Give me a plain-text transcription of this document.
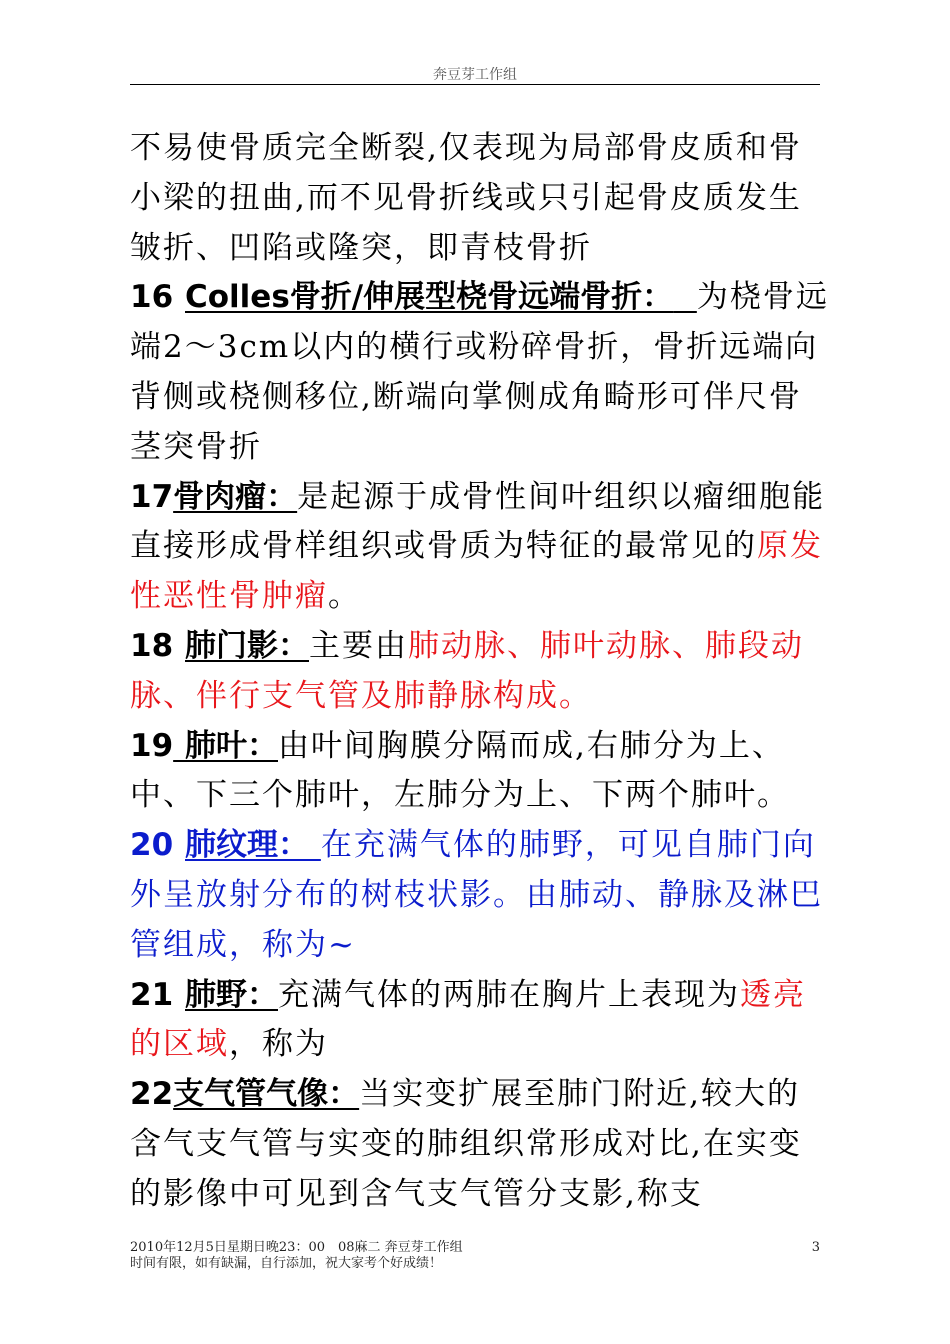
奔豆芽工作组

不易使骨质完全断裂,仅表现为局部骨皮质和骨小梁的扭曲,而不见骨折线或只引起骨皮质发生皱折、凹陷或隆突，即青枝骨折

16 Colles骨折/伸展型桡骨远端骨折： 为桡骨远端2～3cm以内的横行或粉碎骨折，骨折远端向背侧或桡侧移位,断端向掌侧成角畸形可伴尺骨茎突骨折

17骨肉瘤：是起源于成骨性间叶组织以瘤细胞能直接形成骨样组织或骨质为特征的最常见的原发性恶性骨肿瘤。

18 肺门影：主要由肺动脉、肺叶动脉、肺段动脉、伴行支气管及肺静脉构成。

19 肺叶：由叶间胸膜分隔而成,右肺分为上、中、下三个肺叶，左肺分为上、下两个肺叶。

20 肺纹理： 在充满气体的肺野，可见自肺门向外呈放射分布的树枝状影。由肺动、静脉及淋巴管组成，称为~

21 肺野：充满气体的两肺在胸片上表现为透亮的区域，称为

22支气管气像：当实变扩展至肺门附近,较大的含气支气管与实变的肺组织常形成对比,在实变的影像中可见到含气支气管分支影,称支

2010年12月5日星期日晚23：00　08麻二 奔豆芽工作组
时间有限，如有缺漏，自行添加，祝大家考个好成绩！
3
